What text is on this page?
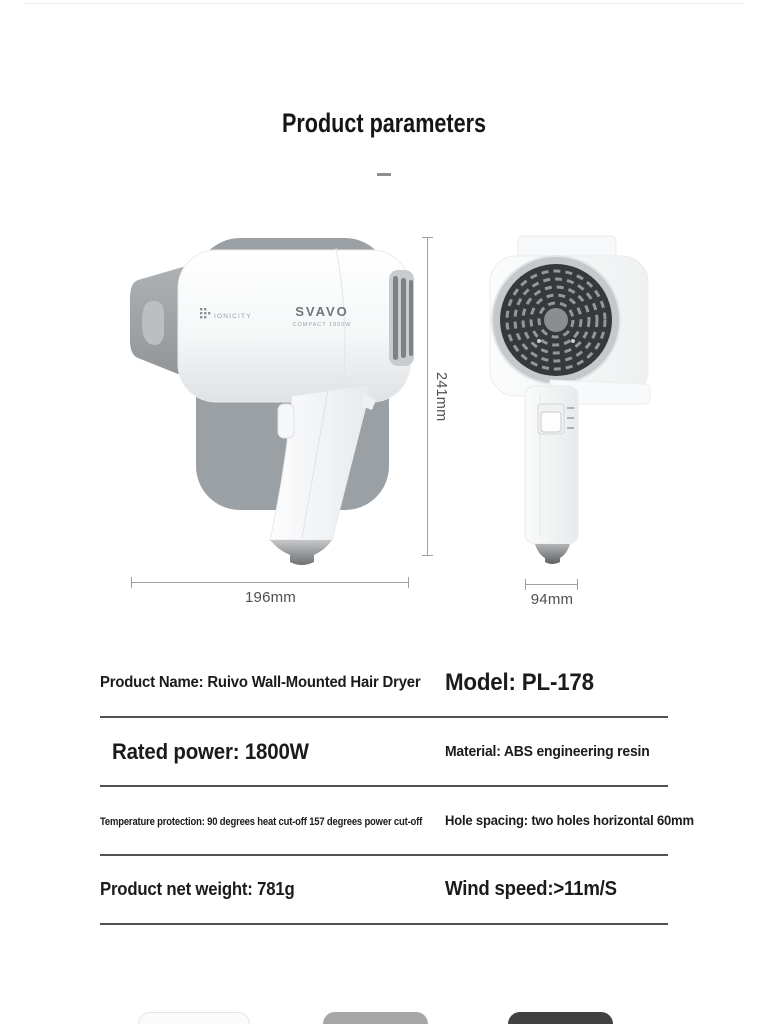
Product parameters
IONICITY	SVAVO
COMPACT 1800W
241mm
196mm	94mm
Product Name: Ruivo Wall-Mounted Hair Dryer	Model: PL-178
Rated power: 1800W	Material: ABS engineering resin
Temperature protection: 90 degrees heat cut-off 157 degrees power cut-off	Hole spacing: two holes horizontal 60mm
Product net weight: 781g	Wind speed:>11m/S
